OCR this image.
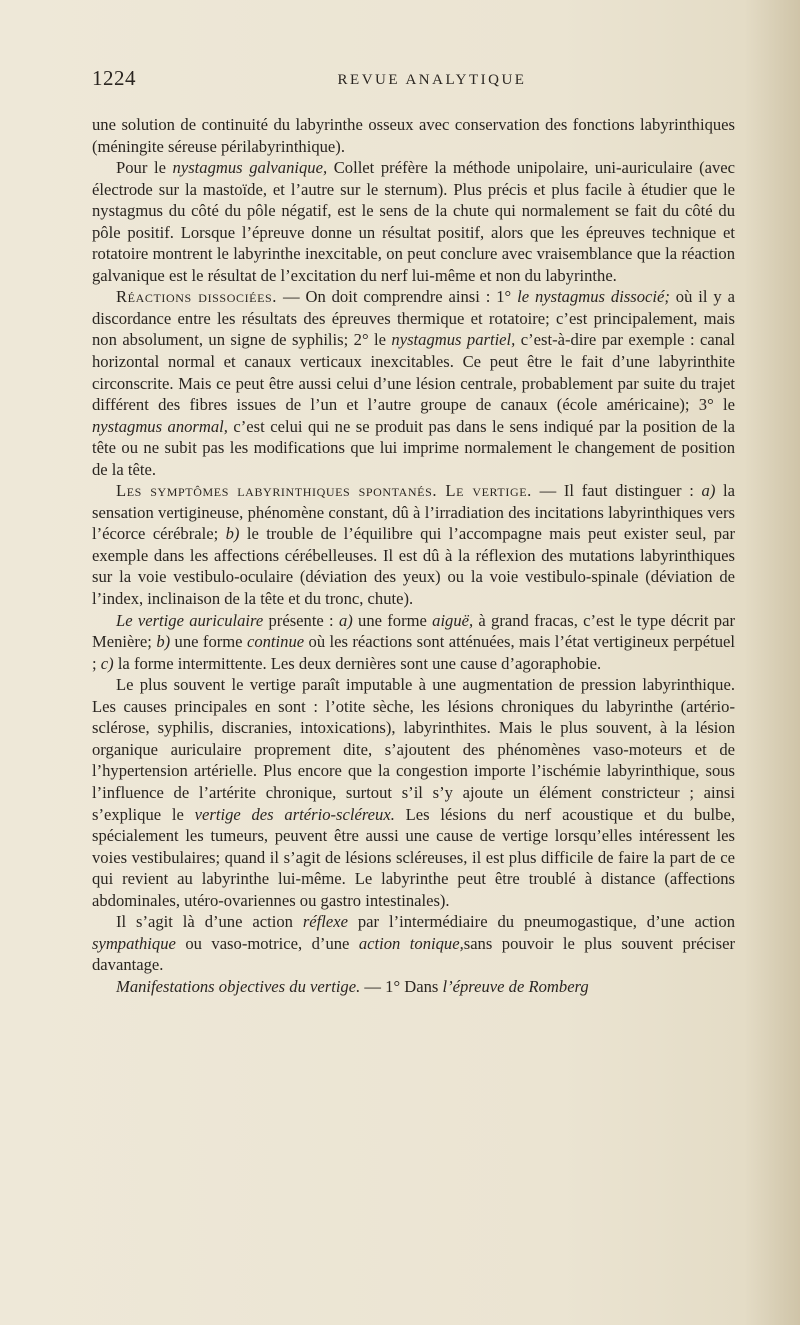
1224	REVUE ANALYTIQUE

une solution de continuité du labyrinthe osseux avec conservation des fonctions labyrinthiques (méningite séreuse périlabyrinthique).

Pour le nystagmus galvanique, Collet préfère la méthode unipolaire, uni-auriculaire (avec électrode sur la mastoïde, et l’autre sur le sternum). Plus précis et plus facile à étudier que le nystagmus du côté du pôle négatif, est le sens de la chute qui normalement se fait du côté du pôle positif. Lorsque l’épreuve donne un résultat positif, alors que les épreuves technique et rotatoire montrent le labyrinthe inexcitable, on peut conclure avec vraisemblance que la réaction galvanique est le résultat de l’excitation du nerf lui-même et non du labyrinthe.

Réactions dissociées. — On doit comprendre ainsi : 1° le nystagmus dissocié; où il y a discordance entre les résultats des épreuves thermique et rotatoire; c’est principalement, mais non absolument, un signe de syphilis; 2° le nystagmus partiel, c’est-à-dire par exemple : canal horizontal normal et canaux verticaux inexcitables. Ce peut être le fait d’une labyrinthite circonscrite. Mais ce peut être aussi celui d’une lésion centrale, probablement par suite du trajet différent des fibres issues de l’un et l’autre groupe de canaux (école américaine); 3° le nystagmus anormal, c’est celui qui ne se produit pas dans le sens indiqué par la position de la tête ou ne subit pas les modifications que lui imprime normalement le changement de position de la tête.

Les symptômes labyrinthiques spontanés. Le vertige. — Il faut distinguer : a) la sensation vertigineuse, phénomène constant, dû à l’irradiation des incitations labyrinthiques vers l’écorce cérébrale; b) le trouble de l’équilibre qui l’accompagne mais peut exister seul, par exemple dans les affections cérébelleuses. Il est dû à la réflexion des mutations labyrinthiques sur la voie vestibulo-oculaire (déviation des yeux) ou la voie vestibulo-spinale (déviation de l’index, inclinaison de la tête et du tronc, chute).

Le vertige auriculaire présente : a) une forme aiguë, à grand fracas, c’est le type décrit par Menière; b) une forme continue où les réactions sont atténuées, mais l’état vertigineux perpétuel ; c) la forme intermittente. Les deux dernières sont une cause d’agoraphobie.

Le plus souvent le vertige paraît imputable à une augmentation de pression labyrinthique. Les causes principales en sont : l’otite sèche, les lésions chroniques du labyrinthe (artério-sclérose, syphilis, discranies, intoxications), labyrinthites. Mais le plus souvent, à la lésion organique auriculaire proprement dite, s’ajoutent des phénomènes vaso-moteurs et de l’hypertension artérielle. Plus encore que la congestion importe l’ischémie labyrinthique, sous l’influence de l’artérite chronique, surtout s’il s’y ajoute un élément constricteur ; ainsi s’explique le vertige des artério-scléreux. Les lésions du nerf acoustique et du bulbe, spécialement les tumeurs, peuvent être aussi une cause de vertige lorsqu’elles intéressent les voies vestibulaires; quand il s’agit de lésions scléreuses, il est plus difficile de faire la part de ce qui revient au labyrinthe lui-même. Le labyrinthe peut être troublé à distance (affections abdominales, utéro-ovariennes ou gastro intestinales).

Il s’agit là d’une action réflexe par l’intermédiaire du pneumogastique, d’une action sympathique ou vaso-motrice, d’une action tonique,sans pouvoir le plus souvent préciser davantage.

Manifestations objectives du vertige. — 1° Dans l’épreuve de Romberg
